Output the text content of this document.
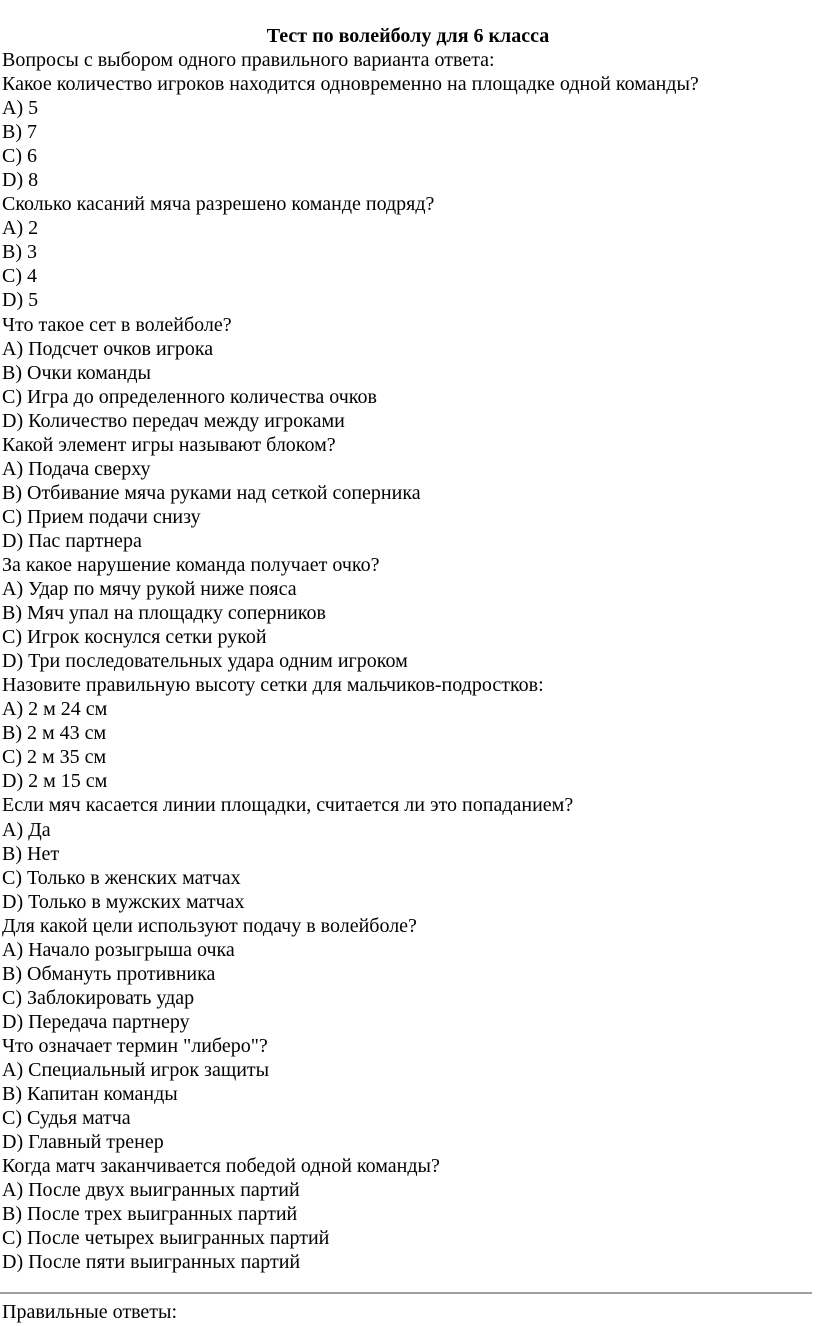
Тест по волейболу для 6 класса
Вопросы с выбором одного правильного варианта ответа:
Какое количество игроков находится одновременно на площадке одной команды?
A) 5
B) 7
C) 6
D) 8
Сколько касаний мяча разрешено команде подряд?
A) 2
B) 3
C) 4
D) 5
Что такое сет в волейболе?
A) Подсчет очков игрока
B) Очки команды
C) Игра до определенного количества очков
D) Количество передач между игроками
Какой элемент игры называют блоком?
A) Подача сверху
B) Отбивание мяча руками над сеткой соперника
C) Прием подачи снизу
D) Пас партнера
За какое нарушение команда получает очко?
A) Удар по мячу рукой ниже пояса
B) Мяч упал на площадку соперников
C) Игрок коснулся сетки рукой
D) Три последовательных удара одним игроком
Назовите правильную высоту сетки для мальчиков-подростков:
A) 2 м 24 см
B) 2 м 43 см
C) 2 м 35 см
D) 2 м 15 см
Если мяч касается линии площадки, считается ли это попаданием?
A) Да
B) Нет
C) Только в женских матчах
D) Только в мужских матчах
Для какой цели используют подачу в волейболе?
A) Начало розыгрыша очка
B) Обмануть противника
C) Заблокировать удар
D) Передача партнеру
Что означает термин "либеро"?
A) Специальный игрок защиты
B) Капитан команды
C) Судья матча
D) Главный тренер
Когда матч заканчивается победой одной команды?
A) После двух выигранных партий
B) После трех выигранных партий
C) После четырех выигранных партий
D) После пяти выигранных партий
Правильные ответы:
